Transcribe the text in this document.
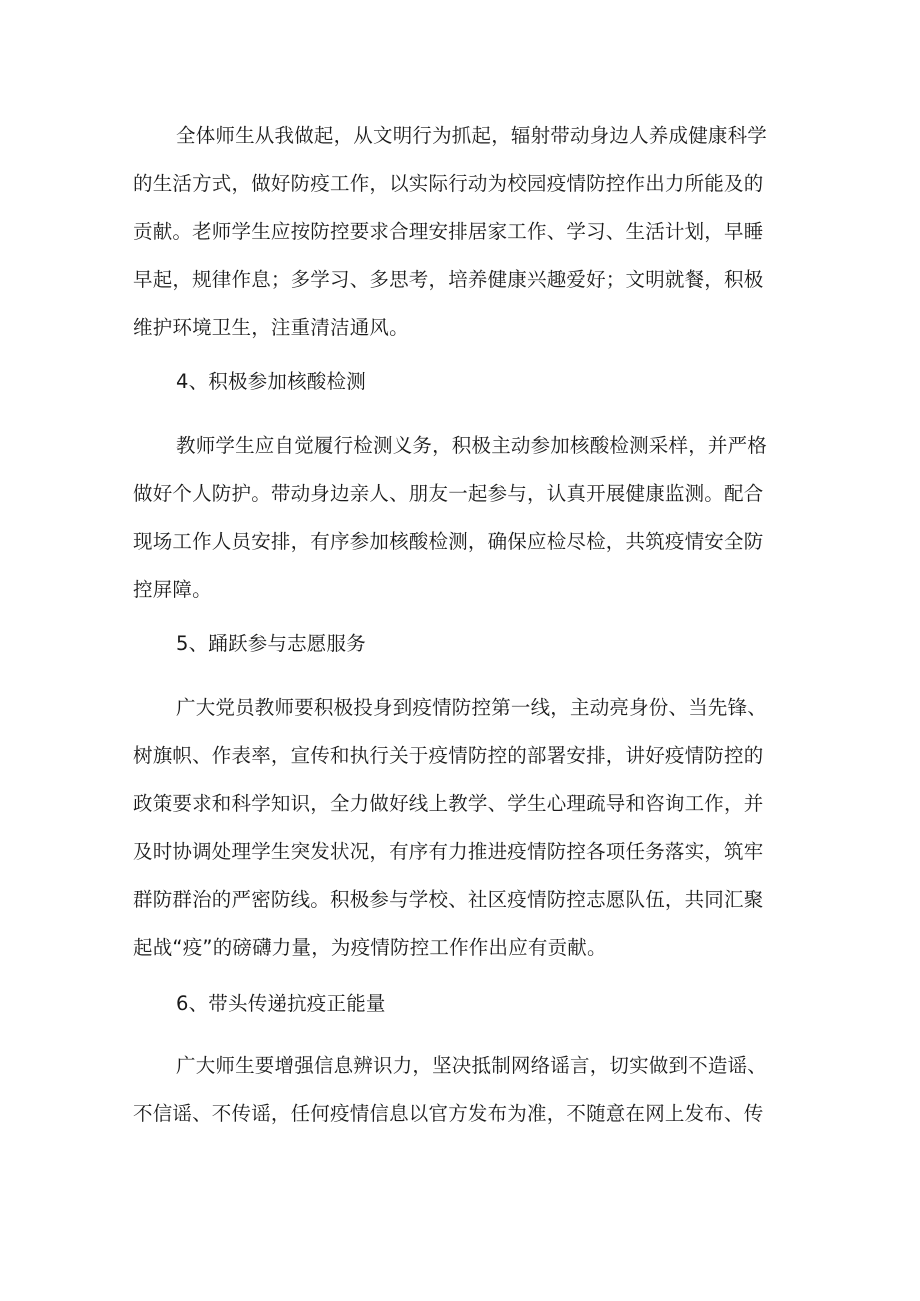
全体师生从我做起，从文明行为抓起，辐射带动身边人养成健康科学
的生活方式，做好防疫工作，以实际行动为校园疫情防控作出力所能及的
贡献。老师学生应按防控要求合理安排居家工作、学习、生活计划，早睡
早起，规律作息；多学习、多思考，培养健康兴趣爱好；文明就餐，积极
维护环境卫生，注重清洁通风。
4、积极参加核酸检测
教师学生应自觉履行检测义务，积极主动参加核酸检测采样，并严格
做好个人防护。带动身边亲人、朋友一起参与，认真开展健康监测。配合
现场工作人员安排，有序参加核酸检测，确保应检尽检，共筑疫情安全防
控屏障。
5、踊跃参与志愿服务
广大党员教师要积极投身到疫情防控第一线，主动亮身份、当先锋、
树旗帜、作表率，宣传和执行关于疫情防控的部署安排，讲好疫情防控的
政策要求和科学知识，全力做好线上教学、学生心理疏导和咨询工作，并
及时协调处理学生突发状况，有序有力推进疫情防控各项任务落实，筑牢
群防群治的严密防线。积极参与学校、社区疫情防控志愿队伍，共同汇聚
起战“疫”的磅礴力量，为疫情防控工作作出应有贡献。
6、带头传递抗疫正能量
广大师生要增强信息辨识力，坚决抵制网络谣言，切实做到不造谣、
不信谣、不传谣，任何疫情信息以官方发布为准，不随意在网上发布、传
